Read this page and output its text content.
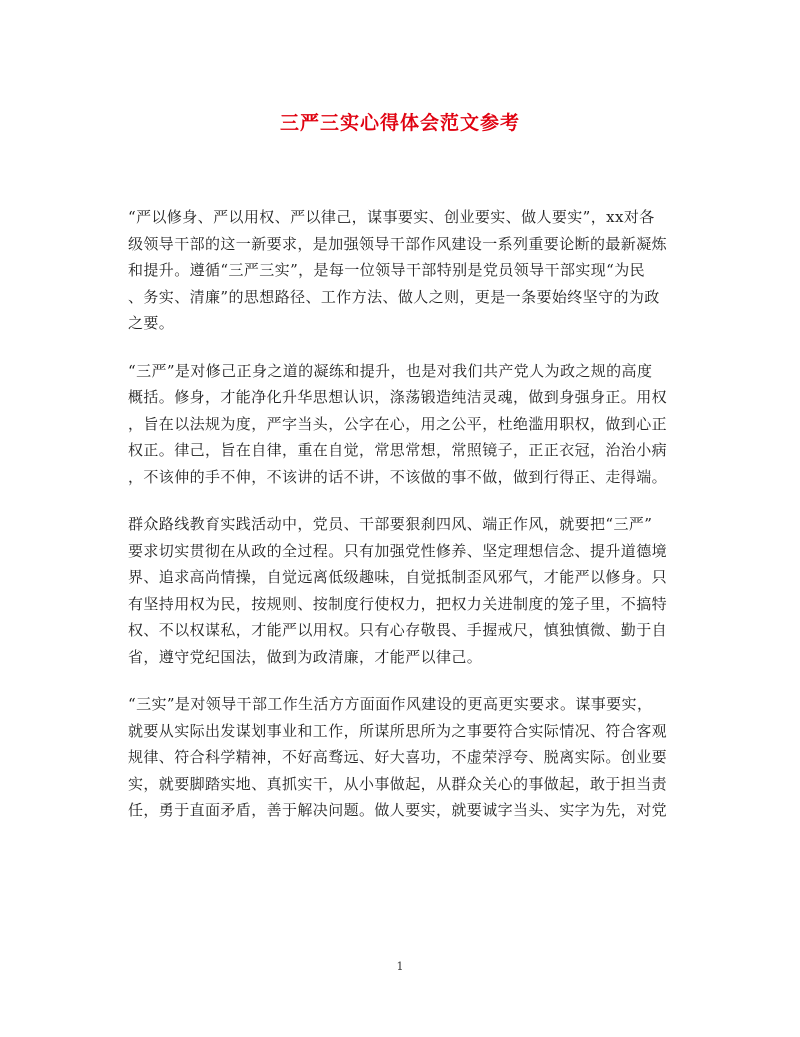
三严三实心得体会范文参考

“严以修身、严以用权、严以律己，谋事要实、创业要实、做人要实”，xx对各
级领导干部的这一新要求，是加强领导干部作风建设一系列重要论断的最新凝炼
和提升。遵循“三严三实”，是每一位领导干部特别是党员领导干部实现“为民
、务实、清廉”的思想路径、工作方法、做人之则，更是一条要始终坚守的为政
之要。

“三严”是对修己正身之道的凝练和提升，也是对我们共产党人为政之规的高度
概括。修身，才能净化升华思想认识，涤荡锻造纯洁灵魂，做到身强身正。用权
，旨在以法规为度，严字当头，公字在心，用之公平，杜绝滥用职权，做到心正
权正。律己，旨在自律，重在自觉，常思常想，常照镜子，正正衣冠，治治小病
，不该伸的手不伸，不该讲的话不讲，不该做的事不做，做到行得正、走得端。

群众路线教育实践活动中，党员、干部要狠刹四风、端正作风，就要把“三严”
要求切实贯彻在从政的全过程。只有加强党性修养、坚定理想信念、提升道德境
界、追求高尚情操，自觉远离低级趣味，自觉抵制歪风邪气，才能严以修身。只
有坚持用权为民，按规则、按制度行使权力，把权力关进制度的笼子里，不搞特
权、不以权谋私，才能严以用权。只有心存敬畏、手握戒尺，慎独慎微、勤于自
省，遵守党纪国法，做到为政清廉，才能严以律己。

“三实”是对领导干部工作生活方方面面作风建设的更高更实要求。谋事要实，
就要从实际出发谋划事业和工作，所谋所思所为之事要符合实际情况、符合客观
规律、符合科学精神，不好高骛远、好大喜功，不虚荣浮夸、脱离实际。创业要
实，就要脚踏实地、真抓实干，从小事做起，从群众关心的事做起，敢于担当责
任，勇于直面矛盾，善于解决问题。做人要实，就要诚字当头、实字为先，对党

1
